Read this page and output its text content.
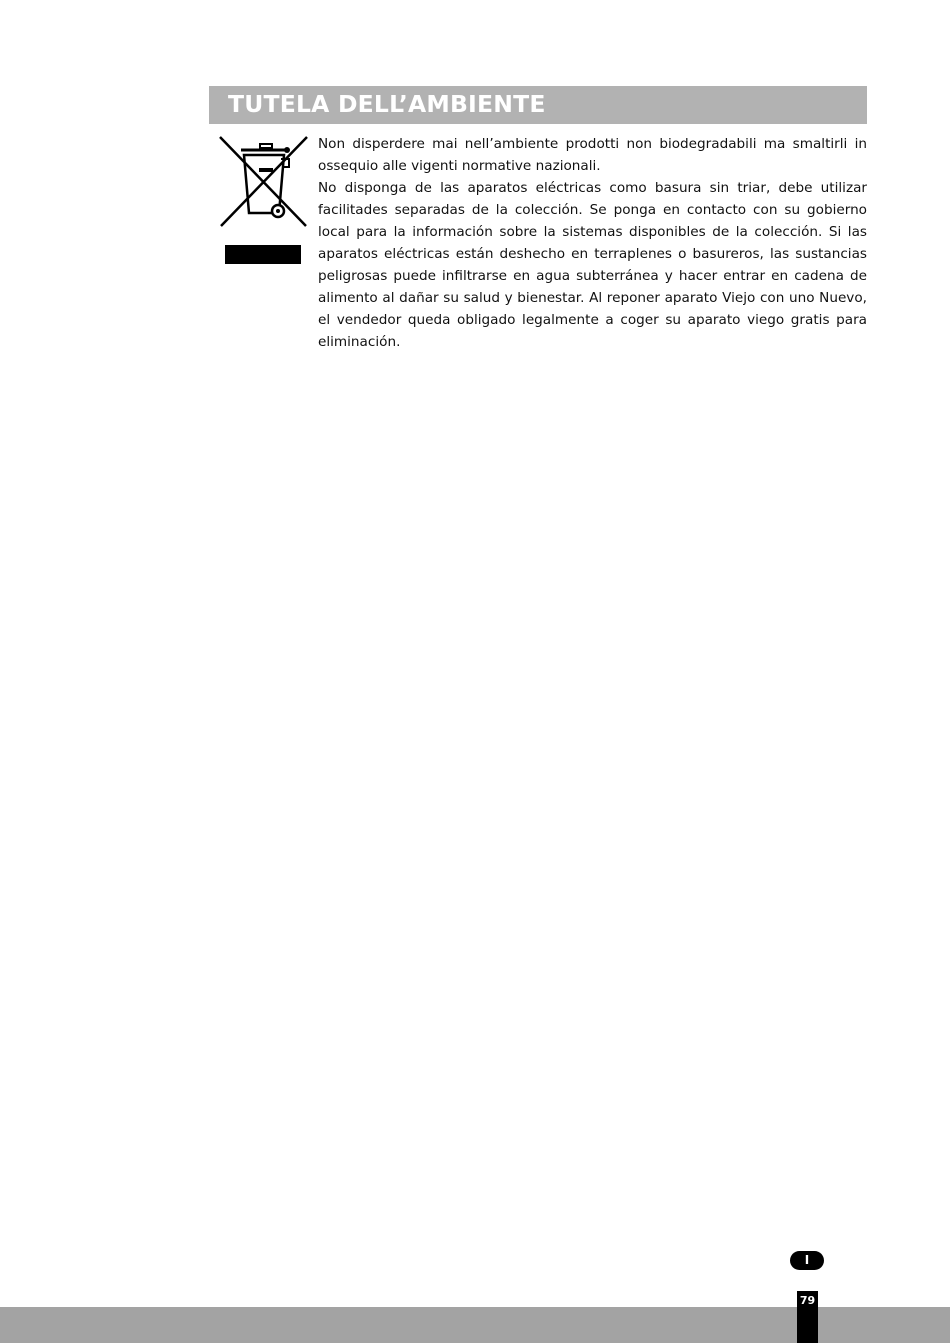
TUTELA DELL’AMBIENTE

Non disperdere mai nell’ambiente prodotti non biodegradabili ma smaltirli in ossequio alle vigenti normative nazionali.

No disponga de las aparatos eléctricas como basura sin triar, debe utilizar facilitades separadas de la colección. Se ponga en contacto con su gobierno local para la información sobre la sistemas disponibles de la colección. Si las aparatos eléctricas están deshecho en terraplenes o basureros, las sustancias peligrosas puede infiltrarse en agua subterránea y hacer entrar en cadena de alimento al dañar su salud y bienestar. Al reponer aparato Viejo con uno Nuevo, el vendedor queda obligado legalmente a coger su aparato viego gratis para eliminación.

I
79
